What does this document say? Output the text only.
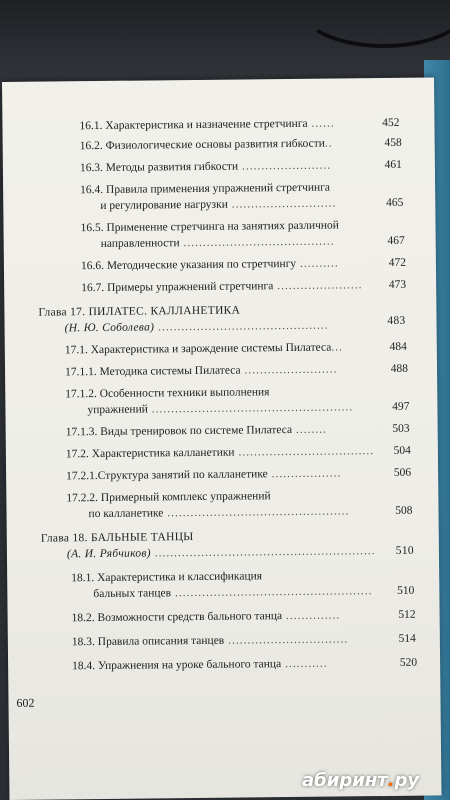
16.1. Характеристика и назначение стретчинга ......	452
16.2. Физиологические основы развития гибкости..	458
16.3. Методы развития гибкости .......................	461
16.4. Правила применения упражнений стретчинга
и регулирование нагрузки ...........................	465
16.5. Применение стретчинга на занятиях различной
направленности .......................................	467
16.6. Методические указания по стретчингу ..........	472
16.7. Примеры упражнений стретчинга ...................... 473
Глава 17. ПИЛАТЕС. КАЛЛАНЕТИКА
(Н. Ю. Соболева) ............................................	483
17.1. Характеристика и зарождение системы Пилатеса...	484
17.1.1. Методика системы Пилатеса ........................	488
17.1.2. Особенности техники выполнения
упражнений ....................................................	497
17.1.3. Виды тренировок по системе Пилатеса ........	503
17.2. Характеристика калланетики ................................... 504
17.2.1.Структура занятий по калланетике ..................	506
17.2.2. Примерный комплекс упражнений
по калланетике ...............................................	508
Глава 18. БАЛЬНЫЕ ТАНЦЫ
(А. И. Рябчиков) ......................................................... 510
18.1. Характеристика и классификация
бальных танцев ................................................... 510
18.2. Возможности средств бального танца ..............	512
18.3. Правила описания танцев ...............................	514
18.4. Упражнения на уроке бального танца ...........	520
602
абиринт.ру
